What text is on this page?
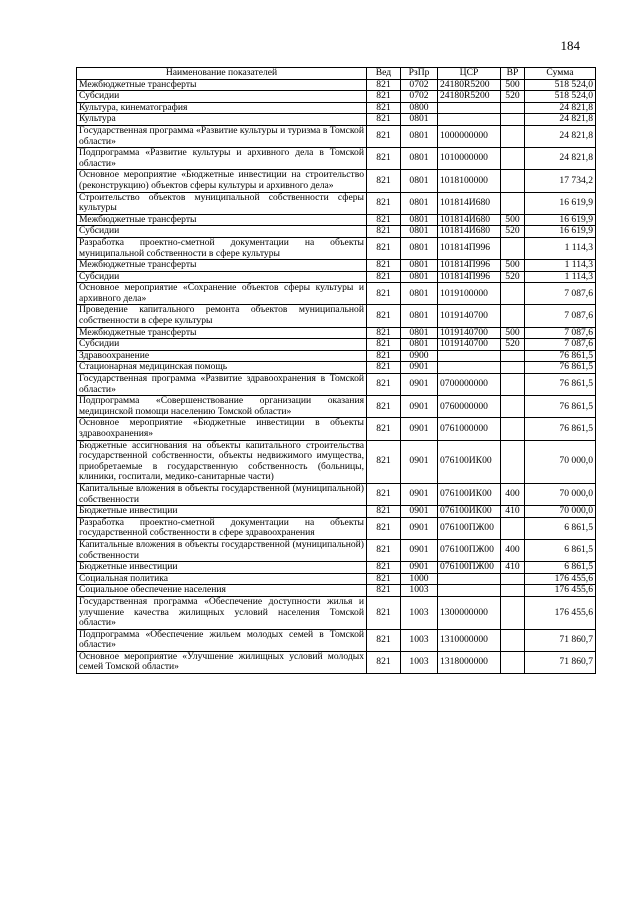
184
Наименование показателей	Вед	РзПр	ЦСР	ВР	Сумма
Межбюджетные трансферты	821	0702	24180R5200	500	518 524,0
Субсидии	821	0702	24180R5200	520	518 524,0
Культура, кинематография	821	0800			24 821,8
Культура	821	0801			24 821,8
Государственная программа «Развитие культуры и туризма в Томской области»	821	0801	1000000000		24 821,8
Подпрограмма «Развитие культуры и архивного дела в Томской области»	821	0801	1010000000		24 821,8
Основное мероприятие «Бюджетные инвестиции на строительство (реконструкцию) объектов сферы культуры и архивного дела»	821	0801	1018100000		17 734,2
Строительство объектов муниципальной собственности сферы культуры	821	0801	101814И680		16 619,9
Межбюджетные трансферты	821	0801	101814И680	500	16 619,9
Субсидии	821	0801	101814И680	520	16 619,9
Разработка проектно-сметной документации на объекты муниципальной собственности в сфере культуры	821	0801	101814П996		1 114,3
Межбюджетные трансферты	821	0801	101814П996	500	1 114,3
Субсидии	821	0801	101814П996	520	1 114,3
Основное мероприятие «Сохранение объектов сферы культуры и архивного дела»	821	0801	1019100000		7 087,6
Проведение капитального ремонта объектов муниципальной собственности в сфере культуры	821	0801	1019140700		7 087,6
Межбюджетные трансферты	821	0801	1019140700	500	7 087,6
Субсидии	821	0801	1019140700	520	7 087,6
Здравоохранение	821	0900			76 861,5
Стационарная медицинская помощь	821	0901			76 861,5
Государственная программа «Развитие здравоохранения в Томской области»	821	0901	0700000000		76 861,5
Подпрограмма «Совершенствование организации оказания медицинской помощи населению Томской области»	821	0901	0760000000		76 861,5
Основное мероприятие «Бюджетные инвестиции в объекты здравоохранения»	821	0901	0761000000		76 861,5
Бюджетные ассигнования на объекты капитального строительства государственной собственности, объекты недвижимого имущества, приобретаемые в государственную собственность (больницы, клиники, госпитали, медико-санитарные части)	821	0901	076100ИК00		70 000,0
Капитальные вложения в объекты государственной (муниципальной) собственности	821	0901	076100ИК00	400	70 000,0
Бюджетные инвестиции	821	0901	076100ИК00	410	70 000,0
Разработка проектно-сметной документации на объекты государственной собственности в сфере здравоохранения	821	0901	076100ПЖ00		6 861,5
Капитальные вложения в объекты государственной (муниципальной) собственности	821	0901	076100ПЖ00	400	6 861,5
Бюджетные инвестиции	821	0901	076100ПЖ00	410	6 861,5
Социальная политика	821	1000			176 455,6
Социальное обеспечение населения	821	1003			176 455,6
Государственная программа «Обеспечение доступности жилья и улучшение качества жилищных условий населения Томской области»	821	1003	1300000000		176 455,6
Подпрограмма «Обеспечение жильем молодых семей в Томской области»	821	1003	1310000000		71 860,7
Основное мероприятие «Улучшение жилищных условий молодых семей Томской области»	821	1003	1318000000		71 860,7
